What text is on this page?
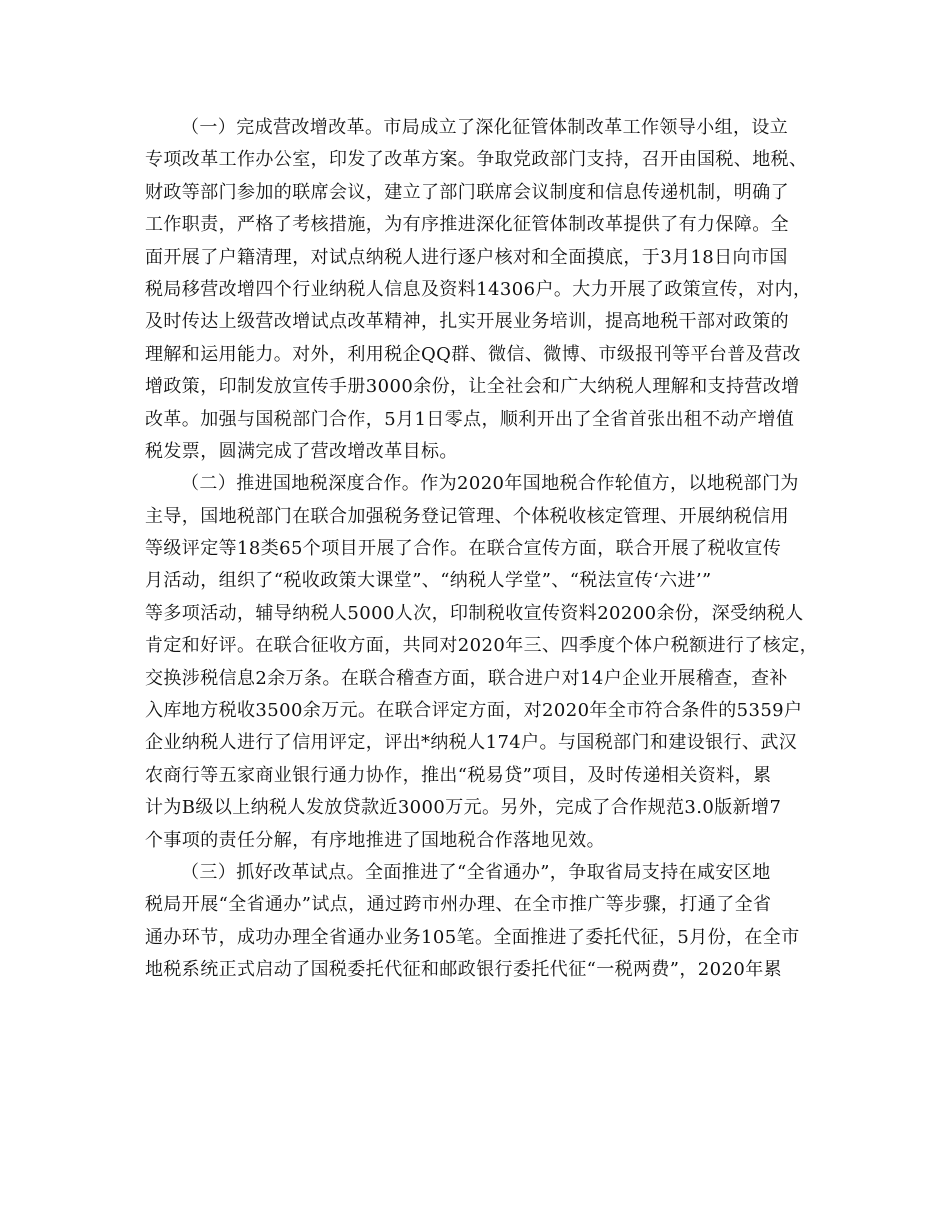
（一）完成营改增改革。市局成立了深化征管体制改革工作领导小组，设立
专项改革工作办公室，印发了改革方案。争取党政部门支持，召开由国税、地税、
财政等部门参加的联席会议，建立了部门联席会议制度和信息传递机制，明确了
工作职责，严格了考核措施，为有序推进深化征管体制改革提供了有力保障。全
面开展了户籍清理，对试点纳税人进行逐户核对和全面摸底，于3月18日向市国
税局移营改增四个行业纳税人信息及资料14306户。大力开展了政策宣传，对内，
及时传达上级营改增试点改革精神，扎实开展业务培训，提高地税干部对政策的
理解和运用能力。对外，利用税企QQ群、微信、微博、市级报刊等平台普及营改
增政策，印制发放宣传手册3000余份，让全社会和广大纳税人理解和支持营改增
改革。加强与国税部门合作，5月1日零点，顺利开出了全省首张出租不动产增值
税发票，圆满完成了营改增改革目标。
（二）推进国地税深度合作。作为2020年国地税合作轮值方，以地税部门为
主导，国地税部门在联合加强税务登记管理、个体税收核定管理、开展纳税信用
等级评定等18类65个项目开展了合作。在联合宣传方面，联合开展了税收宣传
月活动，组织了“税收政策大课堂”、“纳税人学堂”、“税法宣传‘六进’”
等多项活动，辅导纳税人5000人次，印制税收宣传资料20200余份，深受纳税人
肯定和好评。在联合征收方面，共同对2020年三、四季度个体户税额进行了核定，
交换涉税信息2余万条。在联合稽查方面，联合进户对14户企业开展稽查，查补
入库地方税收3500余万元。在联合评定方面，对2020年全市符合条件的5359户
企业纳税人进行了信用评定，评出*纳税人174户。与国税部门和建设银行、武汉
农商行等五家商业银行通力协作，推出“税易贷”项目，及时传递相关资料，累
计为B级以上纳税人发放贷款近3000万元。另外，完成了合作规范3.0版新增7
个事项的责任分解，有序地推进了国地税合作落地见效。
（三）抓好改革试点。全面推进了“全省通办”，争取省局支持在咸安区地
税局开展“全省通办”试点，通过跨市州办理、在全市推广等步骤，打通了全省
通办环节，成功办理全省通办业务105笔。全面推进了委托代征，5月份，在全市
地税系统正式启动了国税委托代征和邮政银行委托代征“一税两费”，2020年累
